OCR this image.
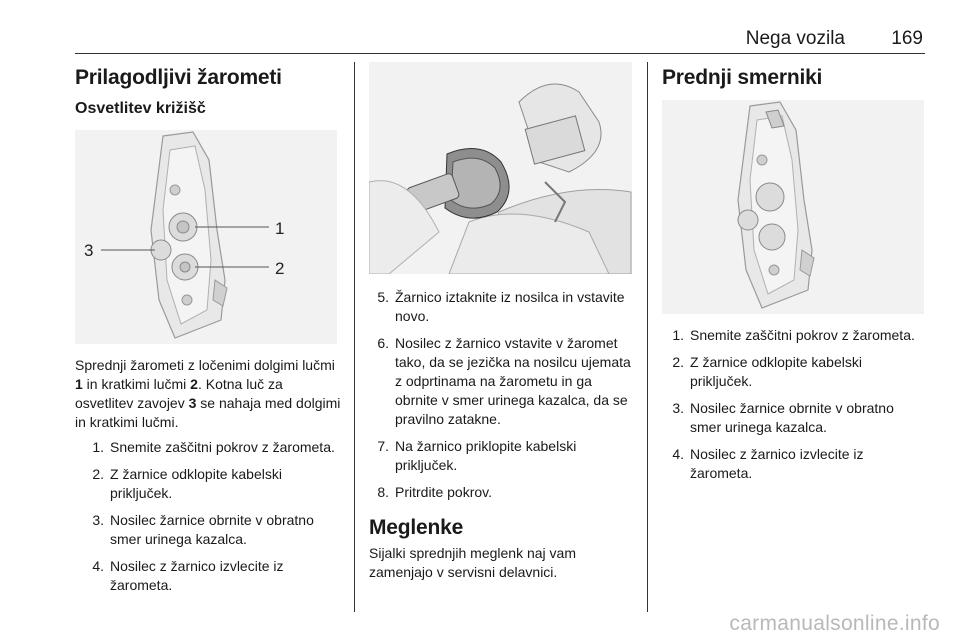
Nega vozila 169
Prilagodljivi žarometi
Osvetlitev križišč
1
2
3

Sprednji žarometi z ločenimi dolgimi lučmi 1 in kratkimi lučmi 2. Kotna luč za osvetlitev zavojev 3 se nahaja med dolgimi in kratkimi lučmi.

1. Snemite zaščitni pokrov z žarometa.
2. Z žarnice odklopite kabelski priključek.
3. Nosilec žarnice obrnite v obratno smer urinega kazalca.
4. Nosilec z žarnico izvlecite iz žarometa.
5. Žarnico iztaknite iz nosilca in vstavite novo.
6. Nosilec z žarnico vstavite v žaromet tako, da se jezička na nosilcu ujemata z odprtinama na žarometu in ga obrnite v smer urinega kazalca, da se pravilno zatakne.
7. Na žarnico priklopite kabelski priključek.
8. Pritrdite pokrov.
Meglenke

Sijalki sprednjih meglenk naj vam zamenjajo v servisni delavnici.

Prednji smerniki
1. Snemite zaščitni pokrov z žarometa.
2. Z žarnice odklopite kabelski priključek.
3. Nosilec žarnice obrnite v obratno smer urinega kazalca.
4. Nosilec z žarnico izvlecite iz žarometa.
carmanualsonline.info
